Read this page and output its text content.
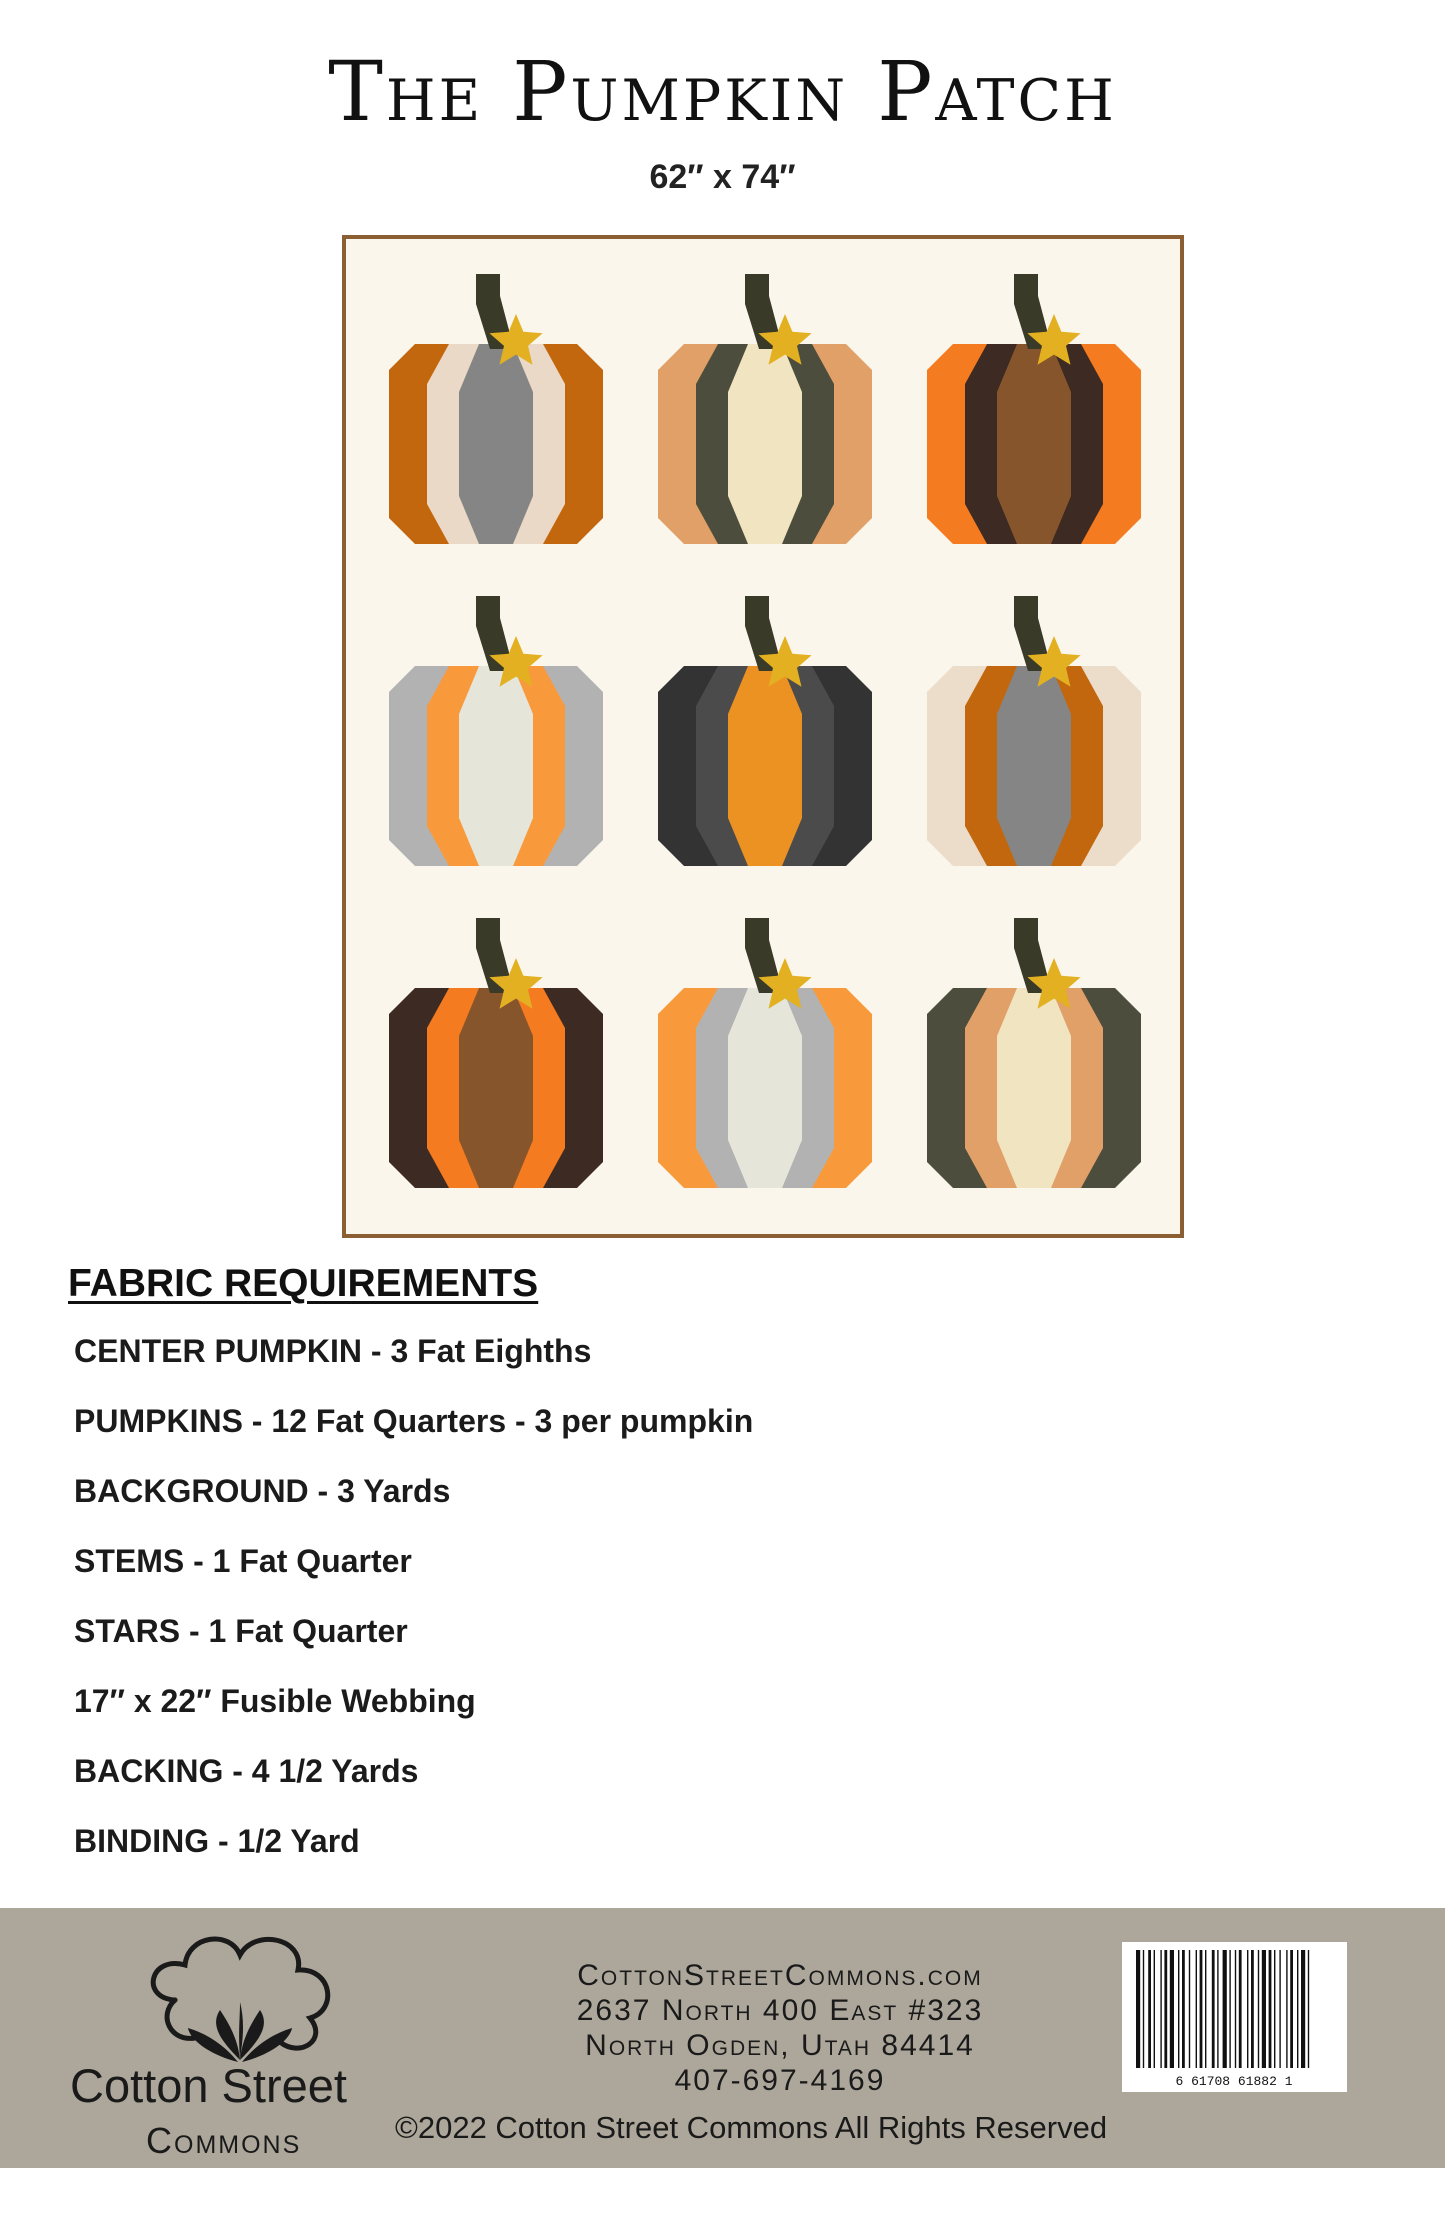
The Pumpkin Patch
62″ x 74″
FABRIC REQUIREMENTS
CENTER PUMPKIN - 3 Fat Eighths
PUMPKINS - 12 Fat Quarters - 3 per pumpkin
BACKGROUND - 3 Yards
STEMS - 1 Fat Quarter
STARS - 1 Fat Quarter
17″ x 22″ Fusible Webbing
BACKING - 4 1/2 Yards
BINDING - 1/2 Yard
Cotton Street
Commons
CottonStreetCommons.com
2637 North 400 East #323
North Ogden, Utah 84414
407-697-4169
©2022 Cotton Street Commons All Rights Reserved
6 61708 61882 1
